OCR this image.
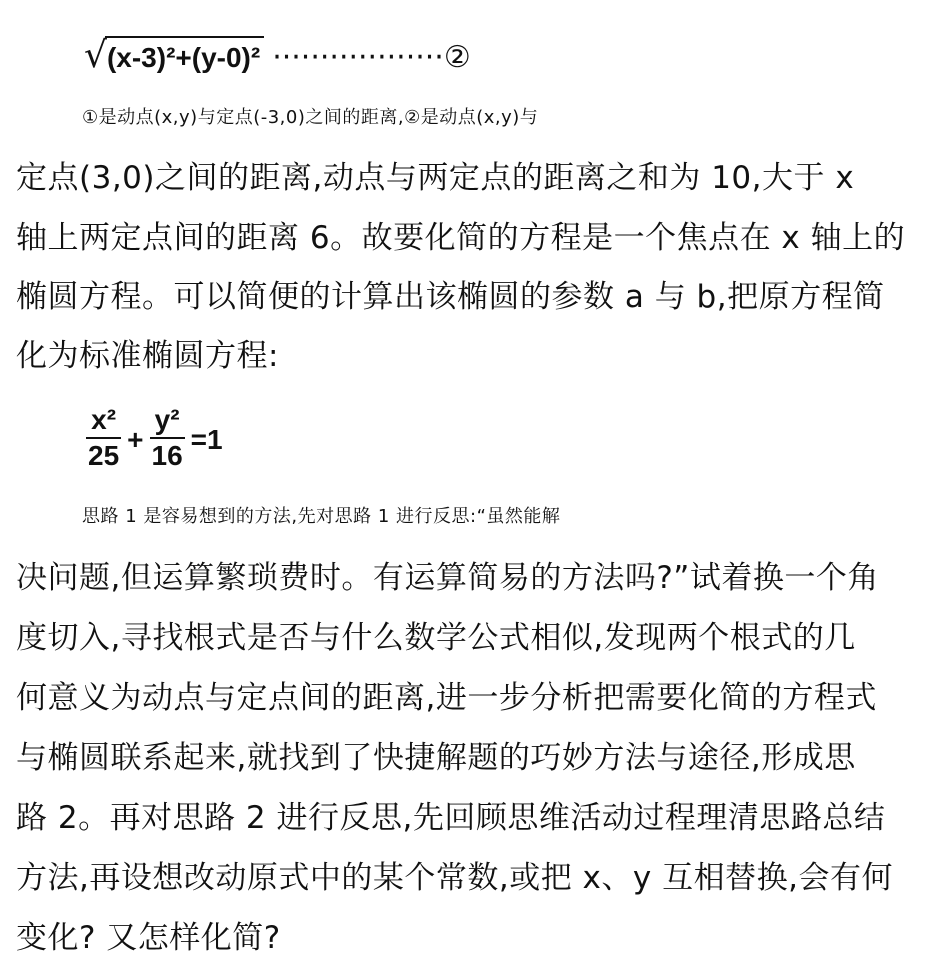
√ (x-3)²+(y-0)² ·················· ②
①是动点(x,y)与定点(-3,0)之间的距离,②是动点(x,y)与
定点(3,0)之间的距离,动点与两定点的距离之和为 10,大于 x
轴上两定点间的距离 6。故要化简的方程是一个焦点在 x 轴上的
椭圆方程。可以简便的计算出该椭圆的参数 a 与 b,把原方程简
化为标准椭圆方程:
$\frac{\text{x²}}{25} + \frac{\text{y²}}{16} =1$
思路 1 是容易想到的方法,先对思路 1 进行反思:“虽然能解
决问题,但运算繁琐费时。有运算简易的方法吗?”试着换一个角
度切入,寻找根式是否与什么数学公式相似,发现两个根式的几
何意义为动点与定点间的距离,进一步分析把需要化简的方程式
与椭圆联系起来,就找到了快捷解题的巧妙方法与途径,形成思
路 2。再对思路 2 进行反思,先回顾思维活动过程理清思路总结
方法,再设想改动原式中的某个常数,或把 x、y 互相替换,会有何
变化? 又怎样化简?
